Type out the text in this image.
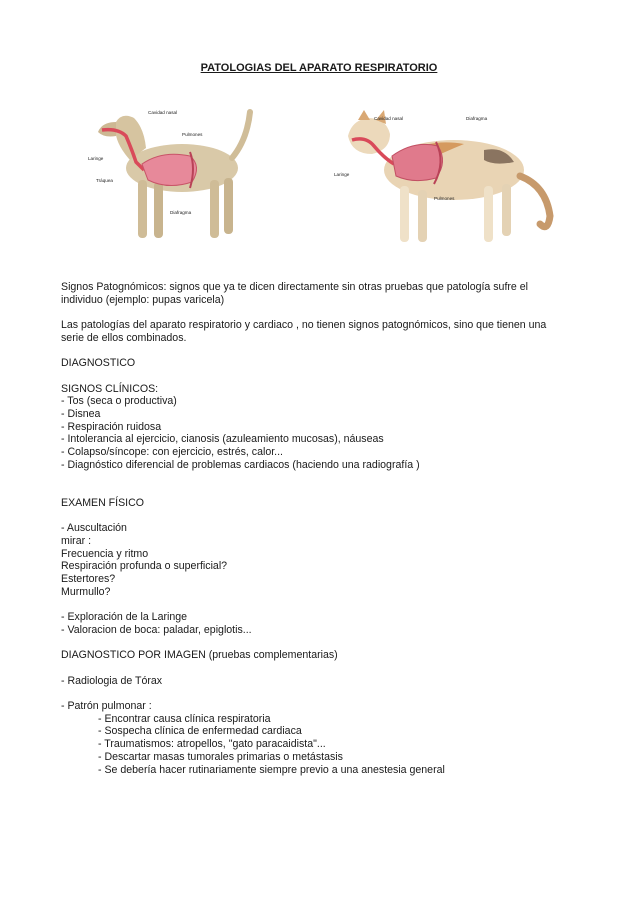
PATOLOGIAS DEL APARATO RESPIRATORIO
Cavidad nasal
Laringe
Tráquea
Diafragma
Pulmones
Cavidad nasal	Diafragma
Laringe
Pulmones
Signos Patognómicos: signos que ya te dicen directamente sin otras pruebas que patología sufre el
individuo (ejemplo: pupas varicela)
Las patologías del aparato respiratorio y cardiaco , no tienen signos patognómicos, sino que tienen una
serie de ellos combinados.
DIAGNOSTICO
SIGNOS CLÍNICOS:
- Tos (seca o productiva)
- Disnea
- Respiración ruidosa
- Intolerancia al ejercicio, cianosis (azuleamiento mucosas), náuseas
- Colapso/síncope: con ejercicio, estrés, calor...
- Diagnóstico diferencial de problemas cardiacos (haciendo una radiografía )
EXAMEN FÍSICO
- Auscultación
mirar :
Frecuencia y ritmo
Respiración profunda o superficial?
Estertores?
Murmullo?
- Exploración de la Laringe
- Valoracion de boca: paladar, epiglotis...
DIAGNOSTICO POR IMAGEN (pruebas complementarias)
- Radiologia de Tórax
- Patrón pulmonar :
- Encontrar causa clínica respiratoria
- Sospecha clínica de enfermedad cardiaca
- Traumatismos: atropellos, "gato paracaidista"...
- Descartar masas tumorales primarias o metástasis
- Se debería hacer rutinariamente siempre previo a una anestesia general
